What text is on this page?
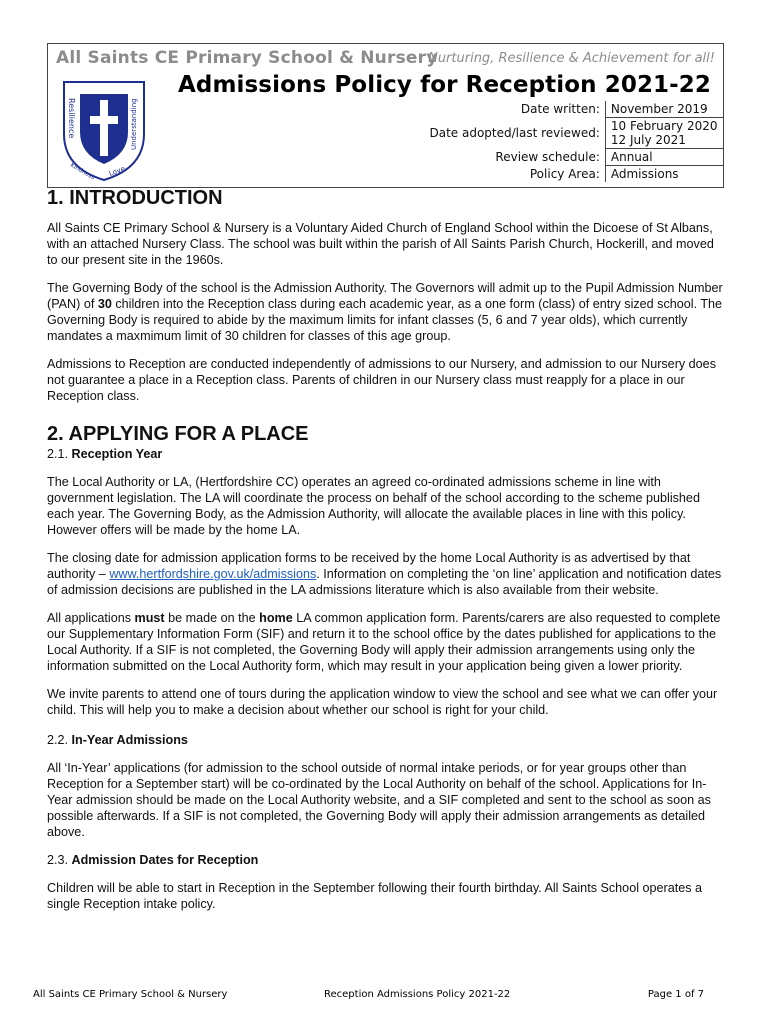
All Saints CE Primary School & Nursery
Nurturing, Resilience & Achievement for all!
Admissions Policy for Reception 2021-22
Resilience
Kindness Love
Understanding	Date written:	November 2019
Date adopted/last reviewed:	10 February 2020
12 July 2021

Review schedule:	Annual
Policy Area:	Admissions
1. INTRODUCTION

All Saints CE Primary School & Nursery is a Voluntary Aided Church of England School within the Dicoese of St Albans, with an attached Nursery Class. The school was built within the parish of All Saints Parish Church, Hockerill, and moved to our present site in the 1960s.

The Governing Body of the school is the Admission Authority. The Governors will admit up to the Pupil Admission Number (PAN) of 30 children into the Reception class during each academic year, as a one form (class) of entry sized school. The Governing Body is required to abide by the maximum limits for infant classes (5, 6 and 7 year olds), which currently mandates a maxmimum limit of 30 children for classes of this age group.

Admissions to Reception are conducted independently of admissions to our Nursery, and admission to our Nursery does not guarantee a place in a Reception class. Parents of children in our Nursery class must reapply for a place in our Reception class.

2. APPLYING FOR A PLACE
2.1. Reception Year

The Local Authority or LA, (Hertfordshire CC) operates an agreed co-ordinated admissions scheme in line with government legislation. The LA will coordinate the process on behalf of the school according to the scheme published each year. The Governing Body, as the Admission Authority, will allocate the available places in line with this policy. However offers will be made by the home LA.

The closing date for admission application forms to be received by the home Local Authority is as advertised by that authority – www.hertfordshire.gov.uk/admissions. Information on completing the ‘on line’ application and notification dates of admission decisions are published in the LA admissions literature which is also available from their website.

All applications must be made on the home LA common application form. Parents/carers are also requested to complete our Supplementary Information Form (SIF) and return it to the school office by the dates published for applications to the Local Authority. If a SIF is not completed, the Governing Body will apply their admission arrangements using only the information submitted on the Local Authority form, which may result in your application being given a lower priority.

We invite parents to attend one of tours during the application window to view the school and see what we can offer your child. This will help you to make a decision about whether our school is right for your child.

2.2. In-Year Admissions

All ‘In-Year’ applications (for admission to the school outside of normal intake periods, or for year groups other than Reception for a September start) will be co-ordinated by the Local Authority on behalf of the school. Applications for In-Year admission should be made on the Local Authority website, and a SIF completed and sent to the school as soon as possible afterwards. If a SIF is not completed, the Governing Body will apply their admission arrangements as detailed above.

2.3. Admission Dates for Reception

Children will be able to start in Reception in the September following their fourth birthday. All Saints School operates a single Reception intake policy.

All Saints CE Primary School & Nursery	Reception Admissions Policy 2021-22	Page 1 of 7
